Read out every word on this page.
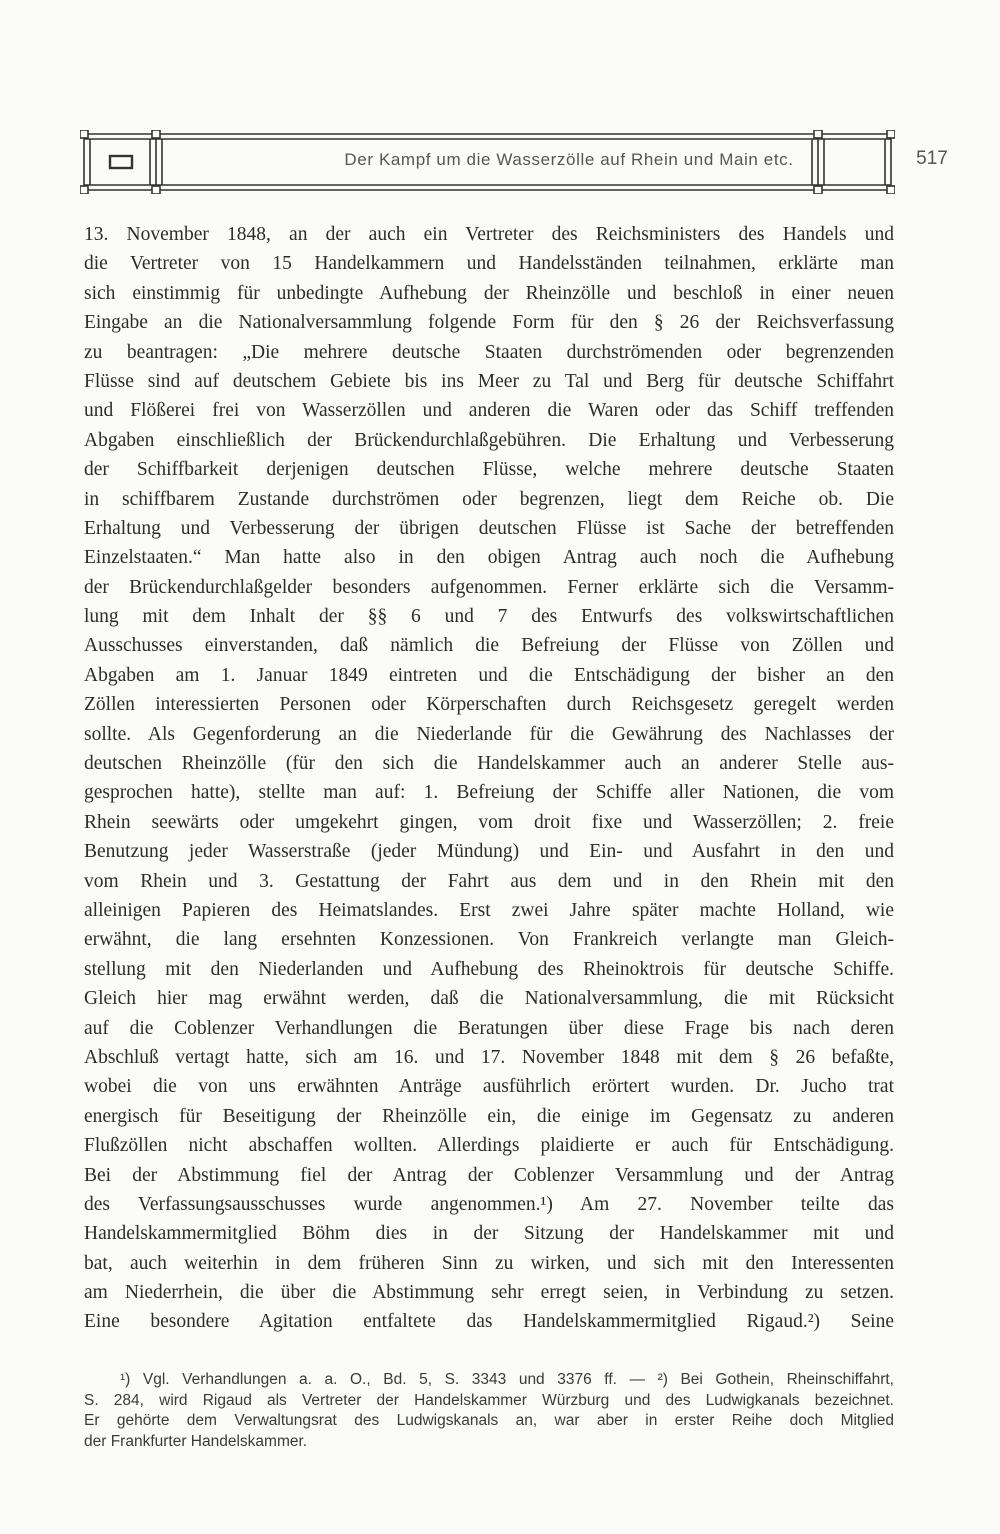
Der Kampf um die Wasserzölle auf Rhein und Main etc.	517
13. November 1848, an der auch ein Vertreter des Reichsministers des Handels und
die Vertreter von 15 Handelkammern und Handelsständen teilnahmen, erklärte man
sich einstimmig für unbedingte Aufhebung der Rheinzölle und beschloß in einer neuen
Eingabe an die Nationalversammlung folgende Form für den § 26 der Reichsverfassung
zu beantragen: „Die mehrere deutsche Staaten durchströmenden oder begrenzenden
Flüsse sind auf deutschem Gebiete bis ins Meer zu Tal und Berg für deutsche Schiffahrt
und Flößerei frei von Wasserzöllen und anderen die Waren oder das Schiff treffenden
Abgaben einschließlich der Brückendurchlaßgebühren. Die Erhaltung und Verbesserung
der Schiffbarkeit derjenigen deutschen Flüsse, welche mehrere deutsche Staaten
in schiffbarem Zustande durchströmen oder begrenzen, liegt dem Reiche ob. Die
Erhaltung und Verbesserung der übrigen deutschen Flüsse ist Sache der betreffenden
Einzelstaaten.“ Man hatte also in den obigen Antrag auch noch die Aufhebung
der Brückendurchlaßgelder besonders aufgenommen. Ferner erklärte sich die Versamm-
lung mit dem Inhalt der §§ 6 und 7 des Entwurfs des volkswirtschaftlichen
Ausschusses einverstanden, daß nämlich die Befreiung der Flüsse von Zöllen und
Abgaben am 1. Januar 1849 eintreten und die Entschädigung der bisher an den
Zöllen interessierten Personen oder Körperschaften durch Reichsgesetz geregelt werden
sollte. Als Gegenforderung an die Niederlande für die Gewährung des Nachlasses der
deutschen Rheinzölle (für den sich die Handelskammer auch an anderer Stelle aus-
gesprochen hatte), stellte man auf: 1. Befreiung der Schiffe aller Nationen, die vom
Rhein seewärts oder umgekehrt gingen, vom droit fixe und Wasserzöllen; 2. freie
Benutzung jeder Wasserstraße (jeder Mündung) und Ein- und Ausfahrt in den und
vom Rhein und 3. Gestattung der Fahrt aus dem und in den Rhein mit den
alleinigen Papieren des Heimatslandes. Erst zwei Jahre später machte Holland, wie
erwähnt, die lang ersehnten Konzessionen. Von Frankreich verlangte man Gleich-
stellung mit den Niederlanden und Aufhebung des Rheinoktrois für deutsche Schiffe.
Gleich hier mag erwähnt werden, daß die Nationalversammlung, die mit Rücksicht
auf die Coblenzer Verhandlungen die Beratungen über diese Frage bis nach deren
Abschluß vertagt hatte, sich am 16. und 17. November 1848 mit dem § 26 befaßte,
wobei die von uns erwähnten Anträge ausführlich erörtert wurden. Dr. Jucho trat
energisch für Beseitigung der Rheinzölle ein, die einige im Gegensatz zu anderen
Flußzöllen nicht abschaffen wollten. Allerdings plaidierte er auch für Entschädigung.
Bei der Abstimmung fiel der Antrag der Coblenzer Versammlung und der Antrag
des Verfassungsausschusses wurde angenommen.¹) Am 27. November teilte das
Handelskammermitglied Böhm dies in der Sitzung der Handelskammer mit und
bat, auch weiterhin in dem früheren Sinn zu wirken, und sich mit den Interessenten
am Niederrhein, die über die Abstimmung sehr erregt seien, in Verbindung zu setzen.
Eine besondere Agitation entfaltete das Handelskammermitglied Rigaud.²) Seine
¹) Vgl. Verhandlungen a. a. O., Bd. 5, S. 3343 und 3376 ff. — ²) Bei Gothein, Rheinschiffahrt,
S. 284, wird Rigaud als Vertreter der Handelskammer Würzburg und des Ludwigkanals bezeichnet.
Er gehörte dem Verwaltungsrat des Ludwigskanals an, war aber in erster Reihe doch Mitglied
der Frankfurter Handelskammer.
